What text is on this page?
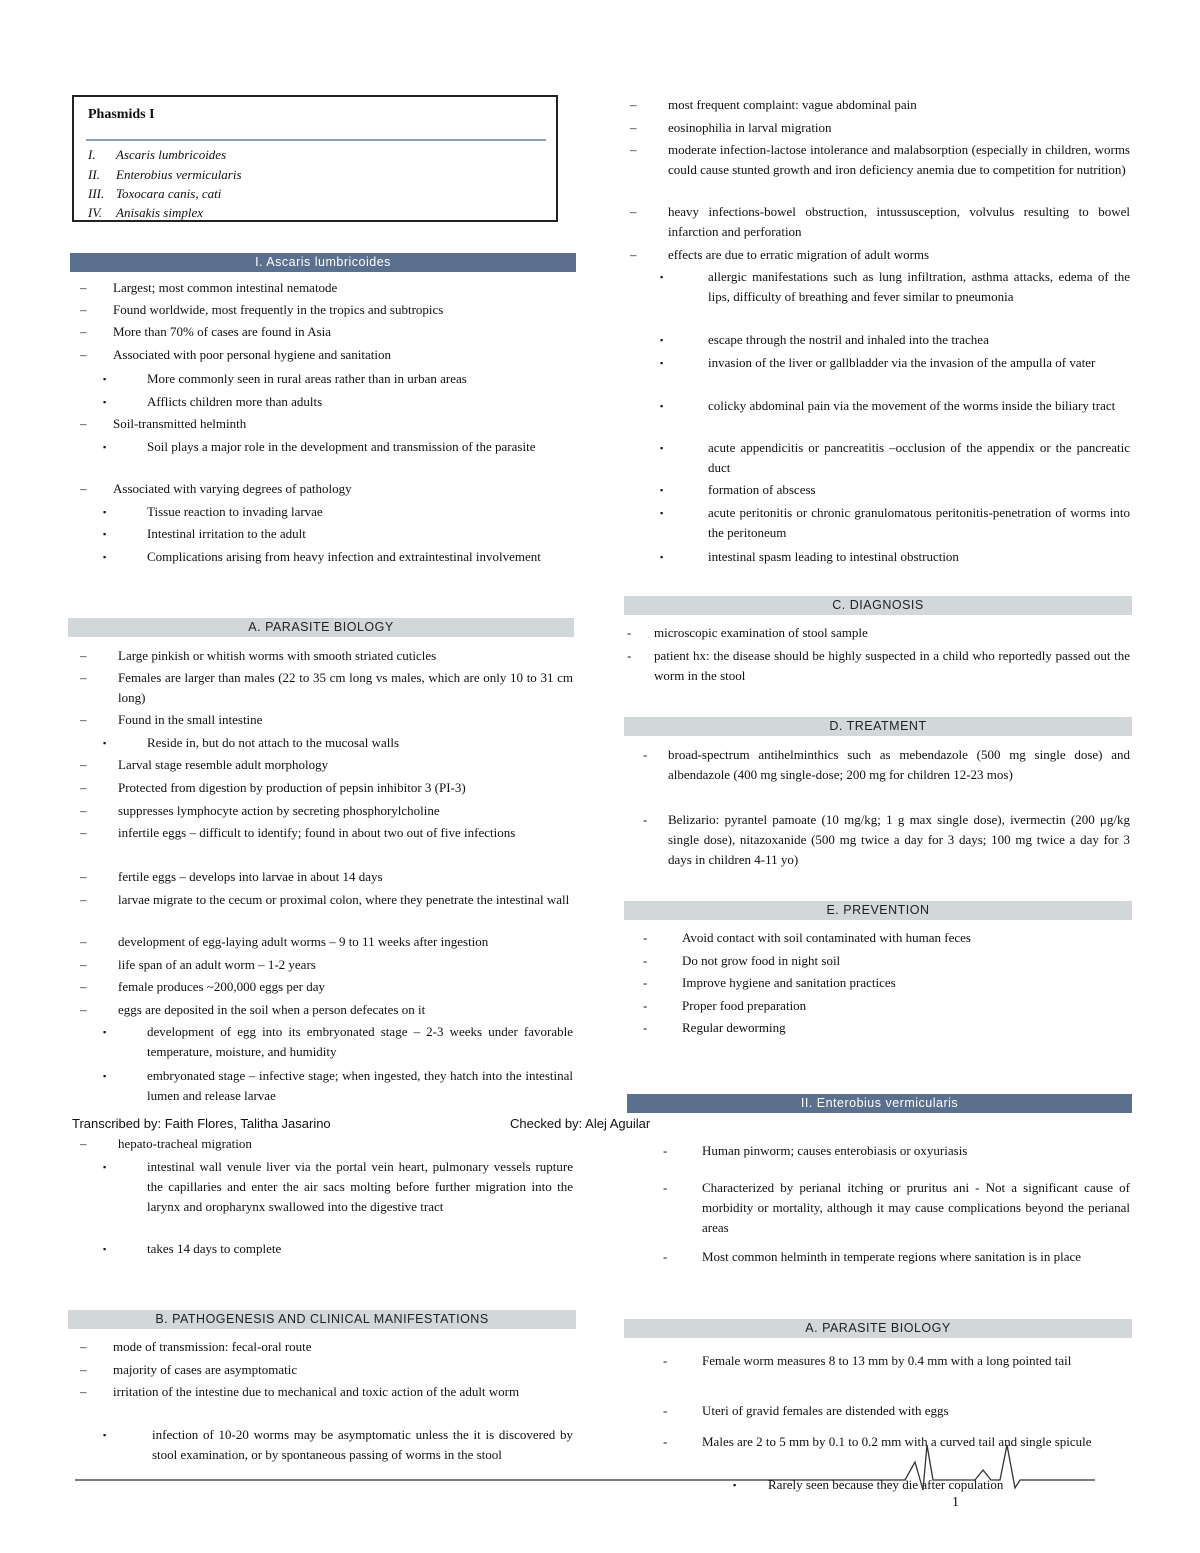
Phasmids I
I. Ascaris lumbricoides
II. Enterobius vermicularis
III. Toxocara canis, cati
IV. Anisakis simplex
I. Ascaris lumbricoides
A. PARASITE BIOLOGY
B. PATHOGENESIS AND CLINICAL MANIFESTATIONS
C. DIAGNOSIS
D. TREATMENT
E. PREVENTION
II. Enterobius vermicularis
A. PARASITE BIOLOGY
– Largest; most common intestinal nematode
– Found worldwide, most frequently in the tropics and subtropics
– More than 70% of cases are found in Asia
– Associated with poor personal hygiene and sanitation
▪	More commonly seen in rural areas rather than in urban areas
▪	Afflicts children more than adults
– Soil-transmitted helminth
▪	Soil plays a major role in the development and transmission of the parasite
– Associated with varying degrees of pathology
▪	Tissue reaction to invading larvae
▪	Intestinal irritation to the adult
▪	Complications arising from heavy infection and extraintestinal involvement
– Large pinkish or whitish worms with smooth striated cuticles
– Females are larger than males (22 to 35 cm long vs males, which are only 10 to 31 cm long)
– Found in the small intestine
▪	Reside in, but do not attach to the mucosal walls
– Larval stage resemble adult morphology
– Protected from digestion by production of pepsin inhibitor 3 (PI-3)
– suppresses lymphocyte action by secreting phosphorylcholine
– infertile eggs – difficult to identify; found in about two out of five infections
– fertile eggs – develops into larvae in about 14 days
– larvae migrate to the cecum or proximal colon, where they penetrate the intestinal wall
– development of egg-laying adult worms – 9 to 11 weeks after ingestion
– life span of an adult worm – 1-2 years
– female produces ~200,000 eggs per day
– eggs are deposited in the soil when a person defecates on it
▪	development of egg into its embryonated stage – 2-3 weeks under favorable temperature, moisture, and humidity
▪	embryonated stage – infective stage; when ingested, they hatch into the intestinal lumen and release larvae
– hepato-tracheal migration
▪	intestinal wall venule liver via the portal vein heart, pulmonary vessels rupture the capillaries and enter the air sacs molting before further migration into the larynx and oropharynx swallowed into the digestive tract
▪	takes 14 days to complete
– mode of transmission: fecal-oral route
– majority of cases are asymptomatic
– irritation of the intestine due to mechanical and toxic action of the adult worm
▪	infection of 10-20 worms may be asymptomatic unless the it is discovered by stool examination, or by spontaneous passing of worms in the stool
– most frequent complaint: vague abdominal pain
– eosinophilia in larval migration
– moderate infection-lactose intolerance and malabsorption (especially in children, worms could cause stunted growth and iron deficiency anemia due to competition for nutrition)
– heavy infections-bowel obstruction, intussusception, volvulus resulting to bowel infarction and perforation
– effects are due to erratic migration of adult worms
▪	allergic manifestations such as lung infiltration, asthma attacks, edema of the lips, difficulty of breathing and fever similar to pneumonia
▪	escape through the nostril and inhaled into the trachea
▪	invasion of the liver or gallbladder via the invasion of the ampulla of vater
▪	colicky abdominal pain via the movement of the worms inside the biliary tract
▪	acute appendicitis or pancreatitis –occlusion of the appendix or the pancreatic duct
▪	formation of abscess
▪	acute peritonitis or chronic granulomatous peritonitis-penetration of worms into the peritoneum
▪	intestinal spasm leading to intestinal obstruction
- microscopic examination of stool sample
- patient hx: the disease should be highly suspected in a child who reportedly passed out the worm in the stool
- broad-spectrum antihelminthics such as mebendazole (500 mg single dose) and albendazole (400 mg single-dose; 200 mg for children 12-23 mos)
- Belizario: pyrantel pamoate (10 mg/kg; 1 g max single dose), ivermectin (200 μg/kg single dose), nitazoxanide (500 mg twice a day for 3 days; 100 mg twice a day for 3 days in children 4-11 yo)
-	Avoid contact with soil contaminated with human feces
-	Do not grow food in night soil
-	Improve hygiene and sanitation practices
-	Proper food preparation
-	Regular deworming
-	Human pinworm; causes enterobiasis or oxyuriasis
-	Characterized by perianal itching or pruritus ani - Not a significant cause of morbidity or mortality, although it may cause complications beyond the perianal areas
-	Most common helminth in temperate regions where sanitation is in place
-	Female worm measures 8 to 13 mm by 0.4 mm with a long pointed tail
-	Uteri of gravid females are distended with eggs
-	Males are 2 to 5 mm by 0.1 to 0.2 mm with a curved tail and single spicule
▪ Rarely seen because they die after copulation
Transcribed by: Faith Flores, Talitha Jasarino	Checked by: Alej Aguilar
1
